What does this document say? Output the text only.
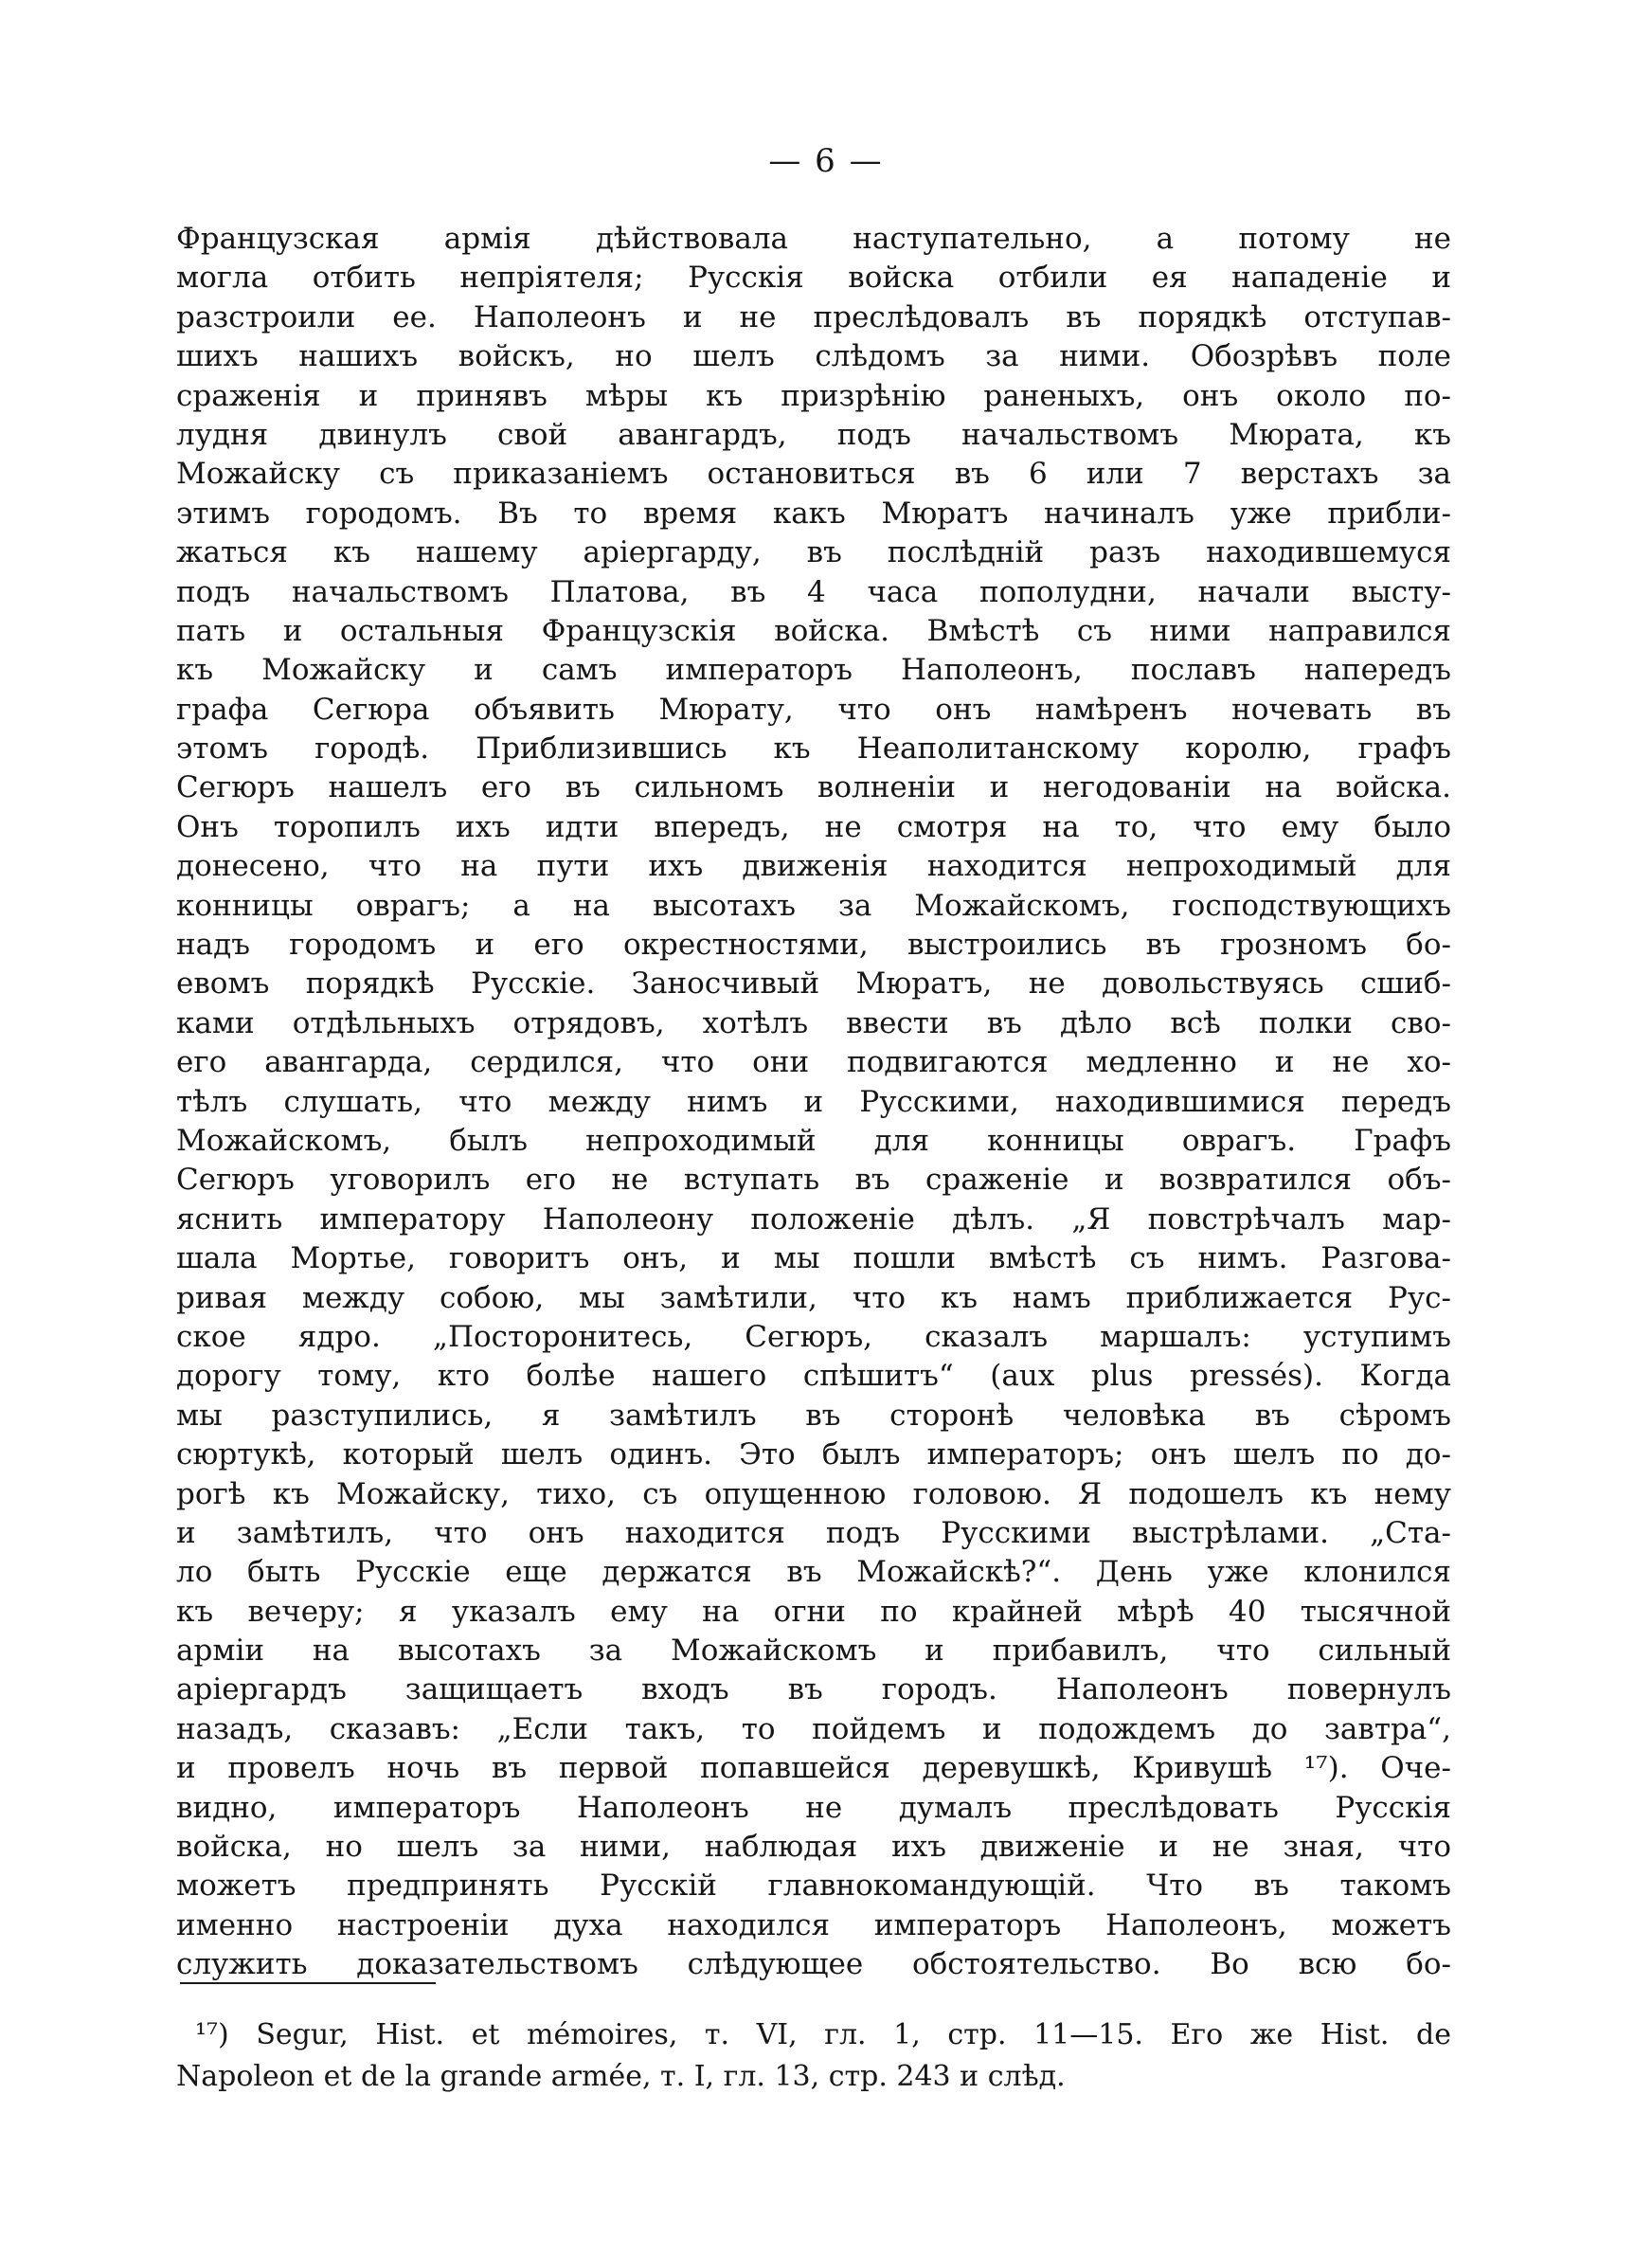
— 6 —
Французская армія дѣйствовала наступательно, а потому не
могла отбить непріятеля; Русскія войска отбили ея нападеніе и
разстроили ее. Наполеонъ и не преслѣдовалъ въ порядкѣ отступав-
шихъ нашихъ войскъ, но шелъ слѣдомъ за ними. Обозрѣвъ поле
сраженія и принявъ мѣры къ призрѣнію раненыхъ, онъ около по-
лудня двинулъ свой авангардъ, подъ начальствомъ Мюрата, къ
Можайску съ приказаніемъ остановиться въ 6 или 7 верстахъ за
этимъ городомъ. Въ то время какъ Мюратъ начиналъ уже прибли-
жаться къ нашему аріергарду, въ послѣдній разъ находившемуся
подъ начальствомъ Платова, въ 4 часа пополудни, начали высту-
пать и остальныя Французскія войска. Вмѣстѣ съ ними направился
къ Можайску и самъ императоръ Наполеонъ, пославъ напередъ
графа Сегюра объявить Мюрату, что онъ намѣренъ ночевать въ
этомъ городѣ. Приблизившись къ Неаполитанскому королю, графъ
Сегюръ нашелъ его въ сильномъ волненіи и негодованіи на войска.
Онъ торопилъ ихъ идти впередъ, не смотря на то, что ему было
донесено, что на пути ихъ движенія находится непроходимый для
конницы оврагъ; а на высотахъ за Можайскомъ, господствующихъ
надъ городомъ и его окрестностями, выстроились въ грозномъ бо-
евомъ порядкѣ Русскіе. Заносчивый Мюратъ, не довольствуясь сшиб-
ками отдѣльныхъ отрядовъ, хотѣлъ ввести въ дѣло всѣ полки сво-
его авангарда, сердился, что они подвигаются медленно и не хо-
тѣлъ слушать, что между нимъ и Русскими, находившимися передъ
Можайскомъ, былъ непроходимый для конницы оврагъ. Графъ
Сегюръ уговорилъ его не вступать въ сраженіе и возвратился объ-
яснить императору Наполеону положеніе дѣлъ. „Я повстрѣчалъ мар-
шала Мортье, говоритъ онъ, и мы пошли вмѣстѣ съ нимъ. Разгова-
ривая между собою, мы замѣтили, что къ намъ приближается Рус-
ское ядро. „Посторонитесь, Сегюръ, сказалъ маршалъ: уступимъ
дорогу тому, кто болѣе нашего спѣшитъ“ (aux plus pressés). Когда
мы разступились, я замѣтилъ въ сторонѣ человѣка въ сѣромъ
сюртукѣ, который шелъ одинъ. Это былъ императоръ; онъ шелъ по до-
рогѣ къ Можайску, тихо, съ опущенною головою. Я подошелъ къ нему
и замѣтилъ, что онъ находится подъ Русскими выстрѣлами. „Ста-
ло быть Русскіе еще держатся въ Можайскѣ?“. День уже клонился
къ вечеру; я указалъ ему на огни по крайней мѣрѣ 40 тысячной
арміи на высотахъ за Можайскомъ и прибавилъ, что сильный
аріергардъ защищаетъ входъ въ городъ. Наполеонъ повернулъ
назадъ, сказавъ: „Если такъ, то пойдемъ и подождемъ до завтра“,
и провелъ ночь въ первой попавшейся деревушкѣ, Кривушѣ ¹⁷). Оче-
видно, императоръ Наполеонъ не думалъ преслѣдовать Русскія
войска, но шелъ за ними, наблюдая ихъ движеніе и не зная, что
можетъ предпринять Русскій главнокомандующій. Что въ такомъ
именно настроеніи духа находился императоръ Наполеонъ, можетъ
служить доказательствомъ слѣдующее обстоятельство. Во всю бо-
¹⁷) Segur, Hist. et mémoires, т. VI, гл. 1, стр. 11—15. Его же Hist. de
Napoleon et de la grande armée, т. I, гл. 13, стр. 243 и слѣд.
